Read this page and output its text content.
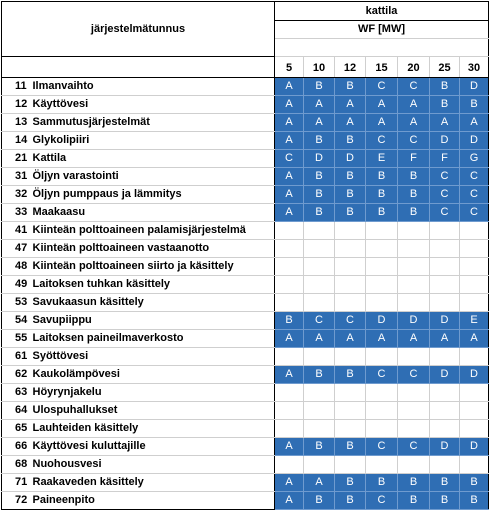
järjestelmätunnus		kattila						
		WF [MW]						

		5	10	12	15	20	25	30
11	Ilmanvaihto	A	B	B	C	C	B	D
12	Käyttövesi	A	A	A	A	A	B	B
13	Sammutusjärjestelmät	A	A	A	A	A	A	A
14	Glykolipiiri	A	B	B	C	C	D	D
21	Kattila	C	D	D	E	F	F	G
31	Öljyn varastointi	A	B	B	B	B	C	C
32	Öljyn pumppaus ja lämmitys	A	B	B	B	B	C	C
33	Maakaasu	A	B	B	B	B	C	C
41	Kiinteän polttoaineen palamisjärjestelmä							
47	Kiinteän polttoaineen vastaanotto							
48	Kiinteän polttoaineen siirto ja käsittely							
49	Laitoksen tuhkan käsittely							
53	Savukaasun käsittely							
54	Savupiippu	B	C	C	D	D	D	E
55	Laitoksen paineilmaverkosto	A	A	A	A	A	A	A
61	Syöttövesi							
62	Kaukolämpövesi	A	B	B	C	C	D	D
63	Höyrynjakelu							
64	Ulospuhallukset							
65	Lauhteiden käsittely							
66	Käyttövesi kuluttajille	A	B	B	C	C	D	D
68	Nuohousvesi							
71	Raakaveden käsittely	A	A	B	B	B	B	B
72	Paineenpito	A	B	B	C	B	B	B
